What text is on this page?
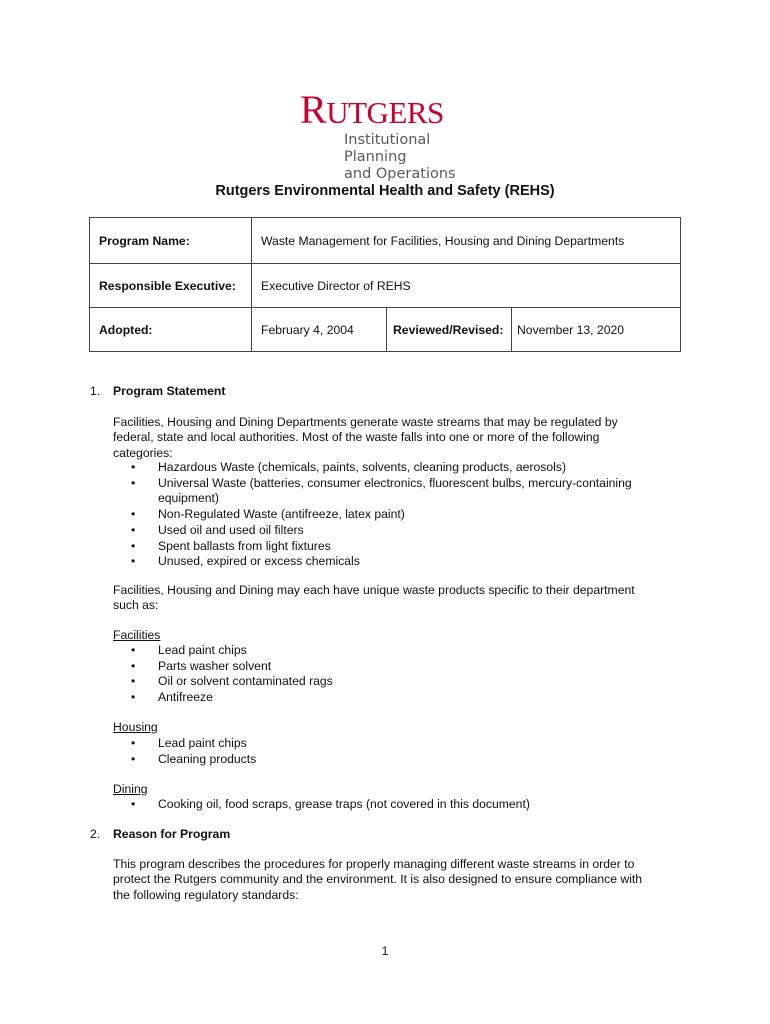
RUTGERS
Institutional Planning
and Operations
Rutgers Environmental Health and Safety (REHS)
Program Name:	Waste Management for Facilities, Housing and Dining Departments		
Responsible Executive:	Executive Director of REHS		
Adopted:	February 4, 2004	Reviewed/Revised:	November 13, 2020
1. Program Statement
Facilities, Housing and Dining Departments generate waste streams that may be regulated by
federal, state and local authorities. Most of the waste falls into one or more of the following
categories:
• Hazardous Waste (chemicals, paints, solvents, cleaning products, aerosols)
• Universal Waste (batteries, consumer electronics, fluorescent bulbs, mercury-containing
equipment)
• Non-Regulated Waste (antifreeze, latex paint)
• Used oil and used oil filters
• Spent ballasts from light fixtures
• Unused, expired or excess chemicals
Facilities, Housing and Dining may each have unique waste products specific to their department
such as:
Facilities
• Lead paint chips
• Parts washer solvent
• Oil or solvent contaminated rags
• Antifreeze
Housing
• Lead paint chips
• Cleaning products
Dining
• Cooking oil, food scraps, grease traps (not covered in this document)
2. Reason for Program
This program describes the procedures for properly managing different waste streams in order to
protect the Rutgers community and the environment. It is also designed to ensure compliance with
the following regulatory standards:
1
